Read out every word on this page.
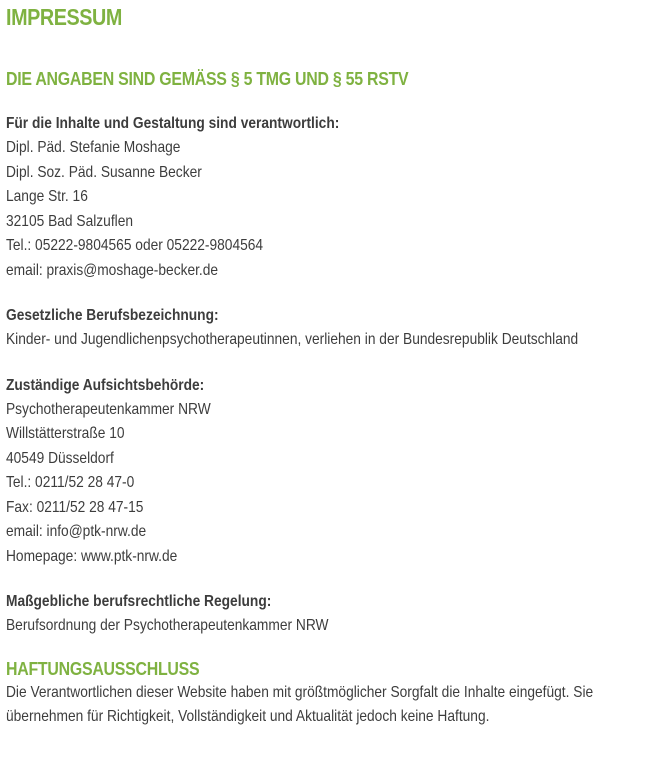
IMPRESSUM
DIE ANGABEN SIND GEMÄSS § 5 TMG UND § 55 RSTV
Für die Inhalte und Gestaltung sind verantwortlich:
Dipl. Päd. Stefanie Moshage
Dipl. Soz. Päd. Susanne Becker
Lange Str. 16
32105 Bad Salzuflen
Tel.: 05222-9804565 oder 05222-9804564
email: praxis@moshage-becker.de
Gesetzliche Berufsbezeichnung:
Kinder- und Jugendlichenpsychotherapeutinnen, verliehen in der Bundesrepublik Deutschland
Zuständige Aufsichtsbehörde:
Psychotherapeutenkammer NRW
Willstätterstraße 10
40549 Düsseldorf
Tel.: 0211/52 28 47-0
Fax: 0211/52 28 47-15
email: info@ptk-nrw.de
Homepage: www.ptk-nrw.de
Maßgebliche berufsrechtliche Regelung:
Berufsordnung der Psychotherapeutenkammer NRW
HAFTUNGSAUSSCHLUSS
Die Verantwortlichen dieser Website haben mit größtmöglicher Sorgfalt die Inhalte eingefügt. Sie übernehmen für Richtigkeit, Vollständigkeit und Aktualität jedoch keine Haftung.
